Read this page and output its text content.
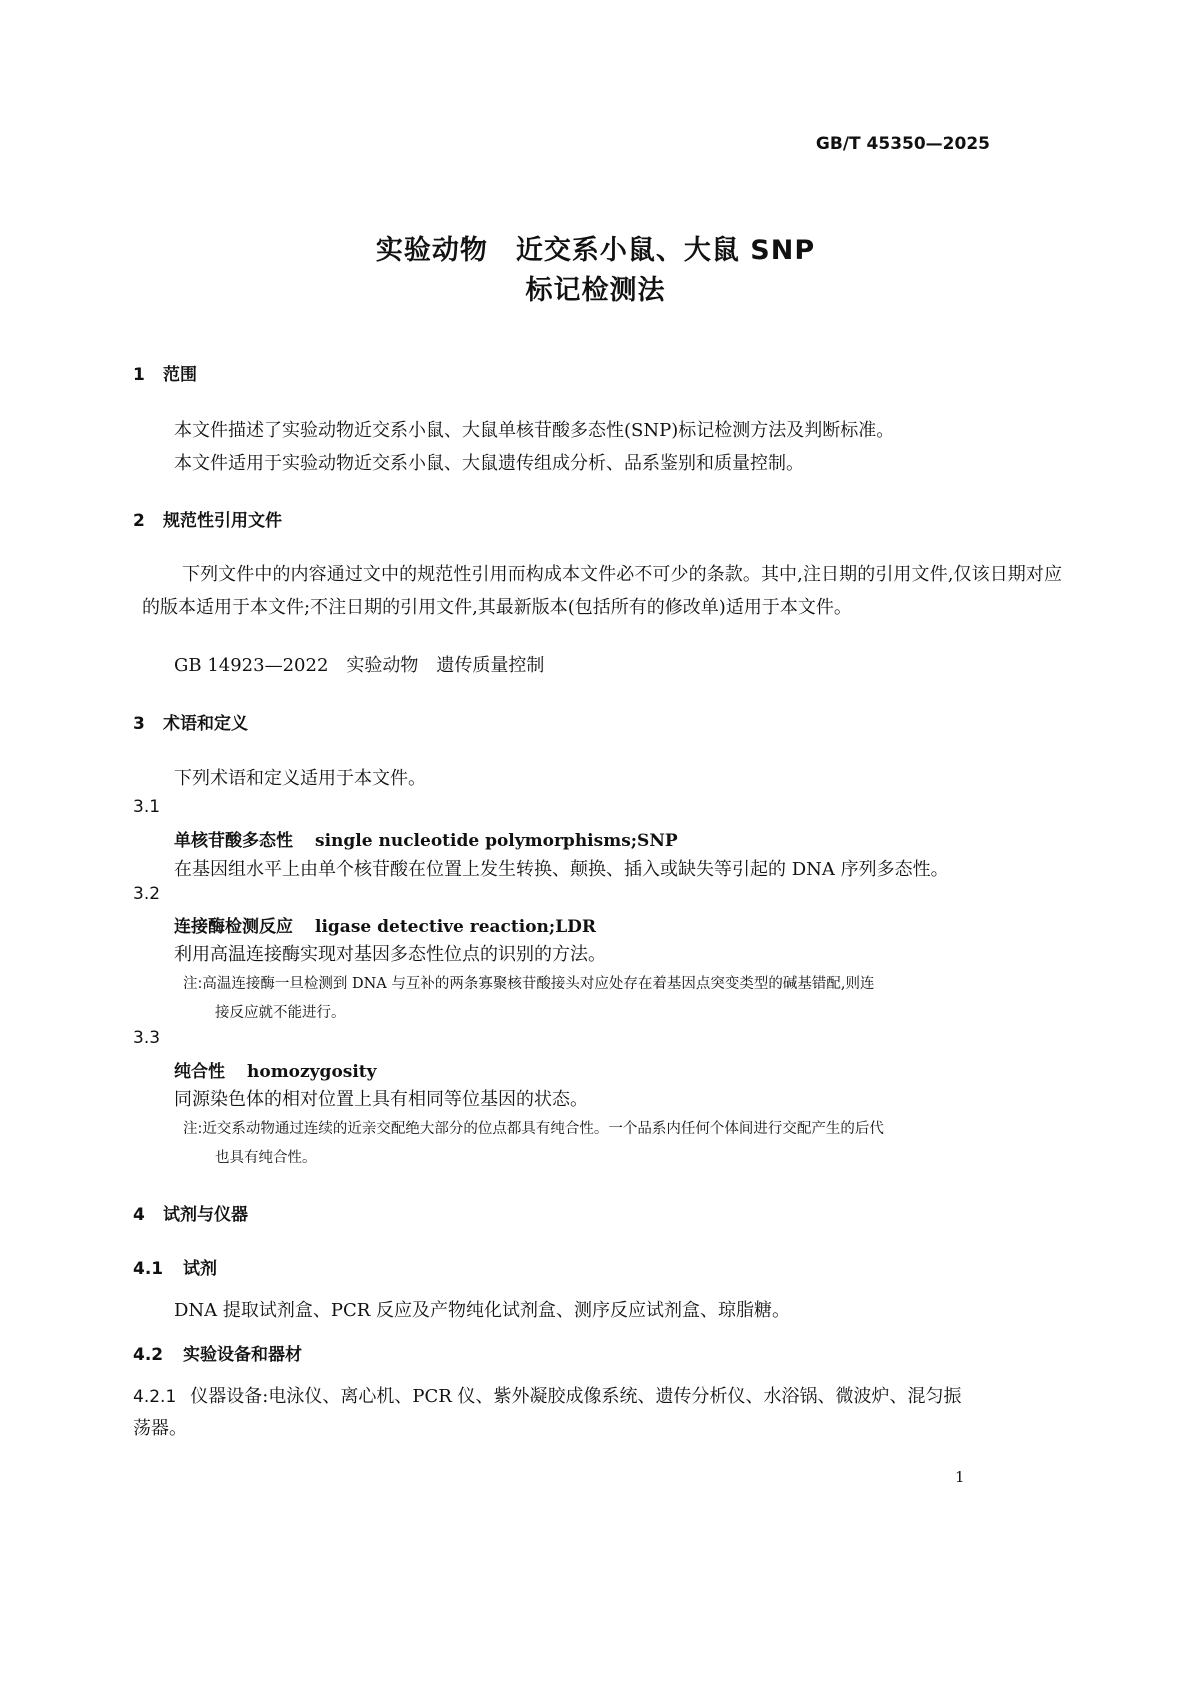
GB/T 45350—2025
实验动物　近交系小鼠、大鼠 SNP
标记检测法
1 范围
本文件描述了实验动物近交系小鼠、大鼠单核苷酸多态性(SNP)标记检测方法及判断标准。
本文件适用于实验动物近交系小鼠、大鼠遗传组成分析、品系鉴别和质量控制。
2 规范性引用文件
下列文件中的内容通过文中的规范性引用而构成本文件必不可少的条款。其中,注日期的引用文件,仅该日期对应的版本适用于本文件;不注日期的引用文件,其最新版本(包括所有的修改单)适用于本文件。
GB 14923—2022　实验动物　遗传质量控制
3 术语和定义
下列术语和定义适用于本文件。
3.1
单核苷酸多态性 single nucleotide polymorphisms;SNP
在基因组水平上由单个核苷酸在位置上发生转换、颠换、插入或缺失等引起的 DNA 序列多态性。
3.2
连接酶检测反应 ligase detective reaction;LDR
利用高温连接酶实现对基因多态性位点的识别的方法。
注:高温连接酶一旦检测到 DNA 与互补的两条寡聚核苷酸接头对应处存在着基因点突变类型的碱基错配,则连
接反应就不能进行。
3.3
纯合性 homozygosity
同源染色体的相对位置上具有相同等位基因的状态。
注:近交系动物通过连续的近亲交配绝大部分的位点都具有纯合性。一个品系内任何个体间进行交配产生的后代
也具有纯合性。
4 试剂与仪器
4.1 试剂
DNA 提取试剂盒、PCR 反应及产物纯化试剂盒、测序反应试剂盒、琼脂糖。
4.2 实验设备和器材
4.2.1 仪器设备:电泳仪、离心机、PCR 仪、紫外凝胶成像系统、遗传分析仪、水浴锅、微波炉、混匀振
荡器。
1
